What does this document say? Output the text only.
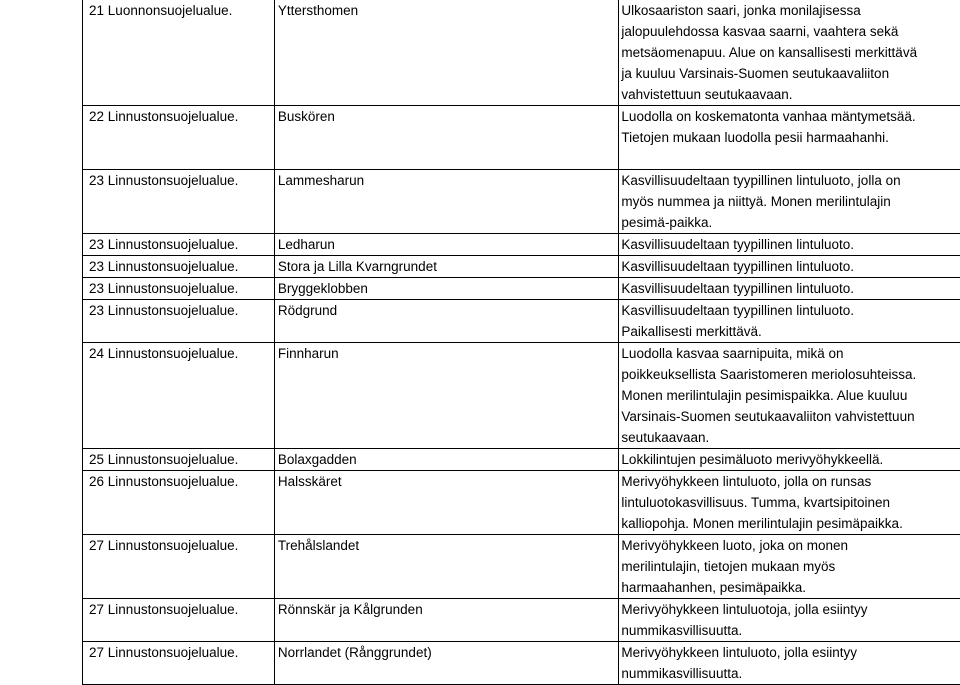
21 Luonnonsuojelualue.	Yttersthomen	Ulkosaariston saari, jonka monilajisessa
jalopuulehdossa kasvaa saarni, vaahtera sekä
metsäomenapuu. Alue on kansallisesti merkittävä
ja kuuluu Varsinais-Suomen seutukaavaliiton
vahvistettuun seutukaavaan.

22 Linnustonsuojelualue.	Buskören	Luodolla on koskematonta vanhaa mäntymetsää.
Tietojen mukaan luodolla pesii harmaahanhi.

23 Linnustonsuojelualue.	Lammesharun	Kasvillisuudeltaan tyypillinen lintuluoto, jolla on
myös nummea ja niittyä. Monen merilintulajin
pesimä-paikka.

23 Linnustonsuojelualue.	Ledharun	Kasvillisuudeltaan tyypillinen lintuluoto.

23 Linnustonsuojelualue.	Stora ja Lilla Kvarngrundet	Kasvillisuudeltaan tyypillinen lintuluoto.

23 Linnustonsuojelualue.	Bryggeklobben	Kasvillisuudeltaan tyypillinen lintuluoto.

23 Linnustonsuojelualue.	Rödgrund	Kasvillisuudeltaan tyypillinen lintuluoto.
Paikallisesti merkittävä.

24 Linnustonsuojelualue.	Finnharun	Luodolla kasvaa saarnipuita, mikä on
poikkeuksellista Saaristomeren meriolosuhteissa.
Monen merilintulajin pesimispaikka. Alue kuuluu
Varsinais-Suomen seutukaavaliiton vahvistettuun
seutukaavaan.

25 Linnustonsuojelualue.	Bolaxgadden	Lokkilintujen pesimäluoto merivyöhykkeellä.

26 Linnustonsuojelualue.	Halsskäret	Merivyöhykkeen lintuluoto, jolla on runsas
lintuluotokasvillisuus. Tumma, kvartsipitoinen
kalliopohja. Monen merilintulajin pesimäpaikka.

27 Linnustonsuojelualue.	Trehålslandet	Merivyöhykkeen luoto, joka on monen
merilintulajin, tietojen mukaan myös
harmaahanhen, pesimäpaikka.

27 Linnustonsuojelualue.	Rönnskär ja Kålgrunden	Merivyöhykkeen lintuluotoja, jolla esiintyy
nummikasvillisuutta.

27 Linnustonsuojelualue.	Norrlandet (Rånggrundet)	Merivyöhykkeen lintuluoto, jolla esiintyy
nummikasvillisuutta.
